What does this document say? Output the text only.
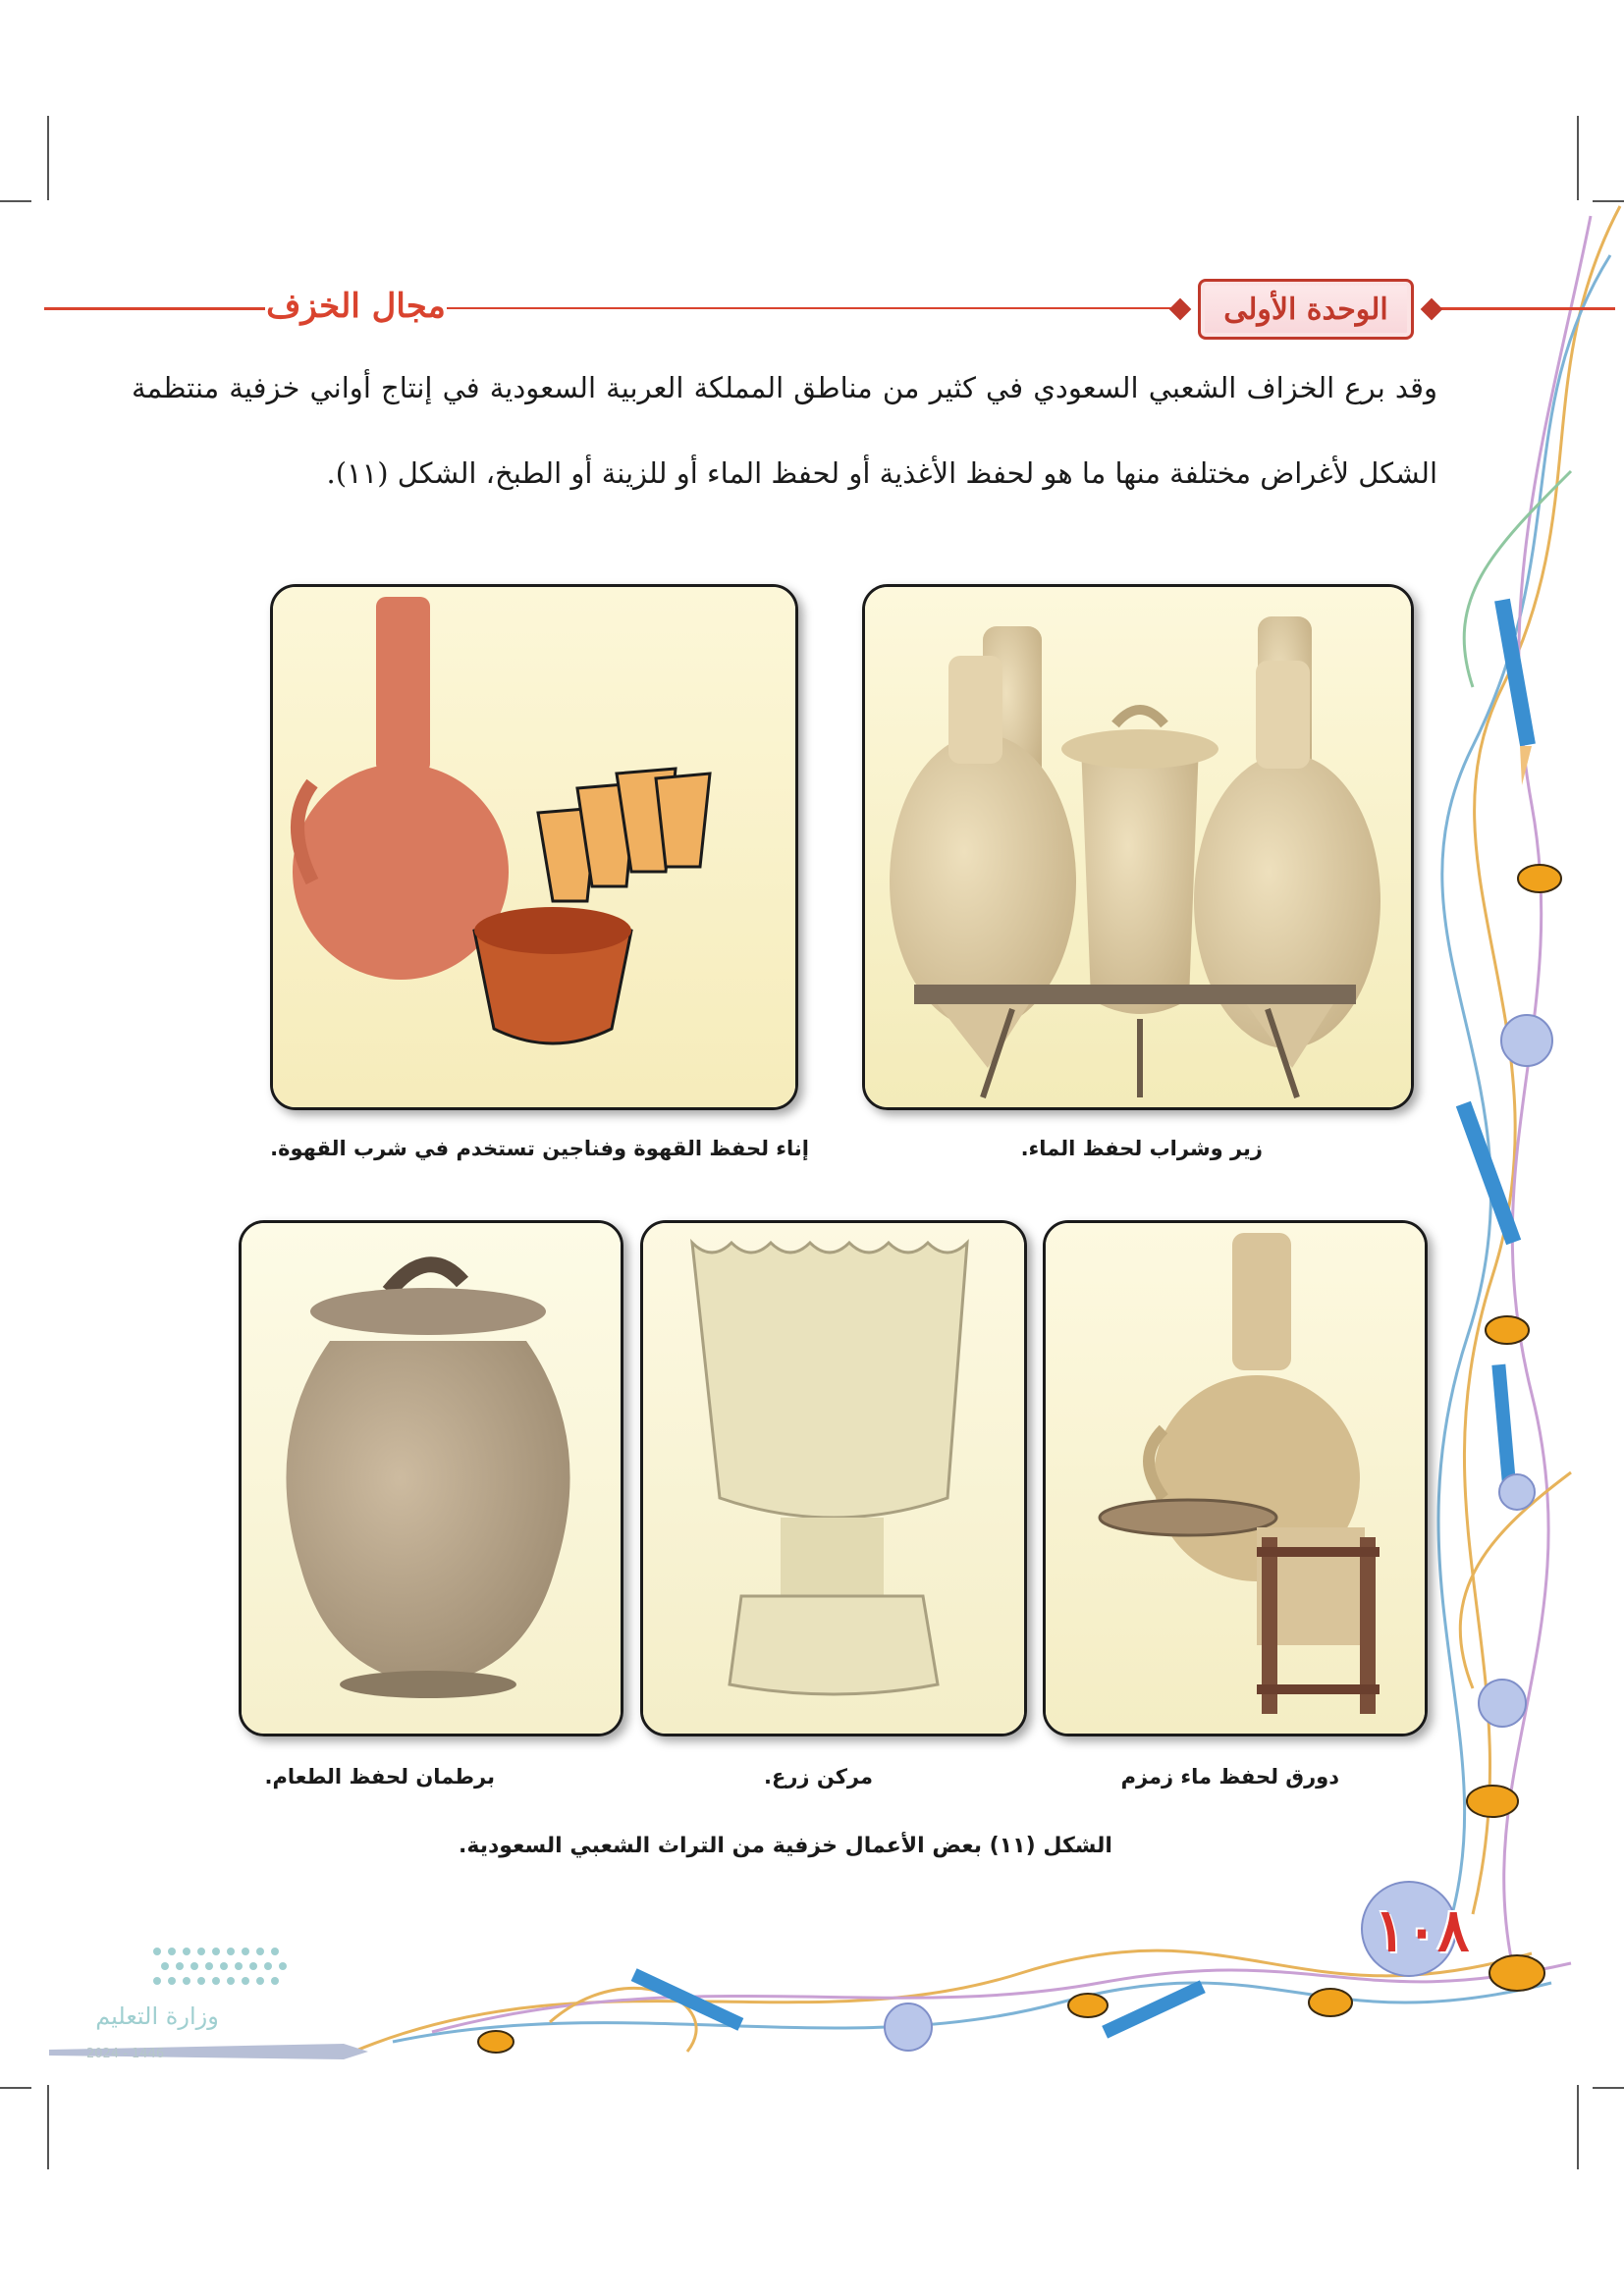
مجال الخزف	الوحدة الأولى
وقد برع الخزاف الشعبي السعودي في كثير من مناطق المملكة العربية السعودية في إنتاج أواني خزفية منتظمة
الشكل لأغراض مختلفة منها ما هو لحفظ الأغذية أو لحفظ الماء أو للزينة أو الطبخ، الشكل (١١).
زير وشراب لحفظ الماء.
إناء لحفظ القهوة وفناجين تستخدم في شرب القهوة.
دورق لحفظ ماء زمزم
مركن زرع.
برطمان لحفظ الطعام.
الشكل (١١) بعض الأعمال خزفية من التراث الشعبي السعودية.
١٠٨
وزارة التعليم
2024 - 1446
